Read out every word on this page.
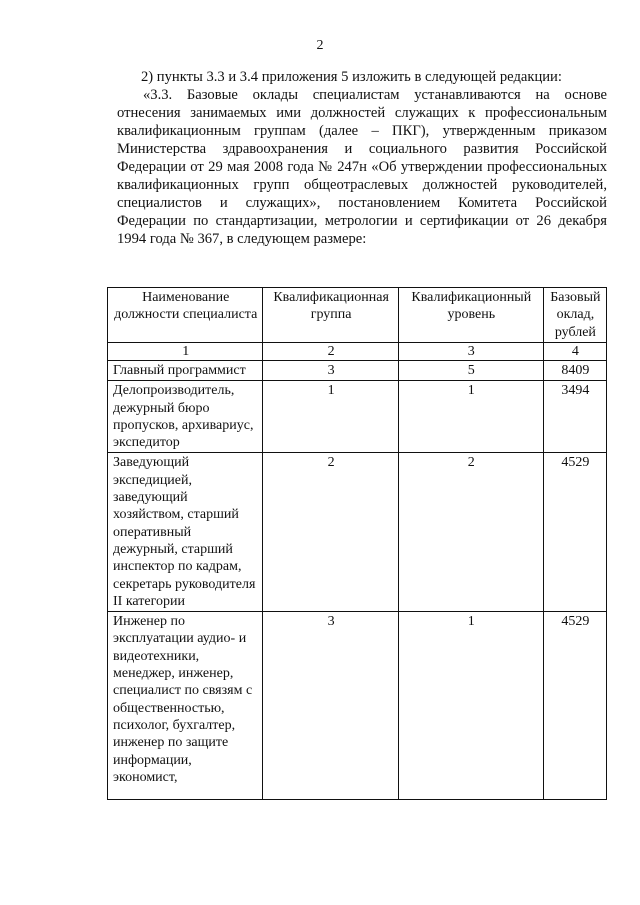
2

2) пункты 3.3 и 3.4 приложения 5 изложить в следующей редакции:

«3.3. Базовые оклады специалистам устанавливаются на основе отнесения занимаемых ими должностей служащих к профессиональным квалификационным группам (далее – ПКГ), утвержденным приказом Министерства здравоохранения и социального развития Российской Федерации от 29 мая 2008 года № 247н «Об утверждении профессиональных квалификационных групп общеотраслевых должностей руководителей, специалистов и служащих», постановлением Комитета Российской Федерации по стандартизации, метрологии и сертификации от 26 декабря 1994 года № 367, в следующем размере:

Наименование должности специалиста	Квалификационная группа	Квалификационный уровень	Базовый оклад, рублей
1	2	3	4
Главный программист	3	5	8409
Делопроизводитель, дежурный бюро пропусков, архивариус, экспедитор	1	1	3494
Заведующий экспедицией, заведующий хозяйством, старший оперативный дежурный, старший инспектор по кадрам, секретарь руководителя II категории	2	2	4529
Инженер по эксплуатации аудио- и видеотехники, менеджер, инженер, специалист по связям с общественностью, психолог, бухгалтер, инженер по защите информации, экономист,	3	1	4529
